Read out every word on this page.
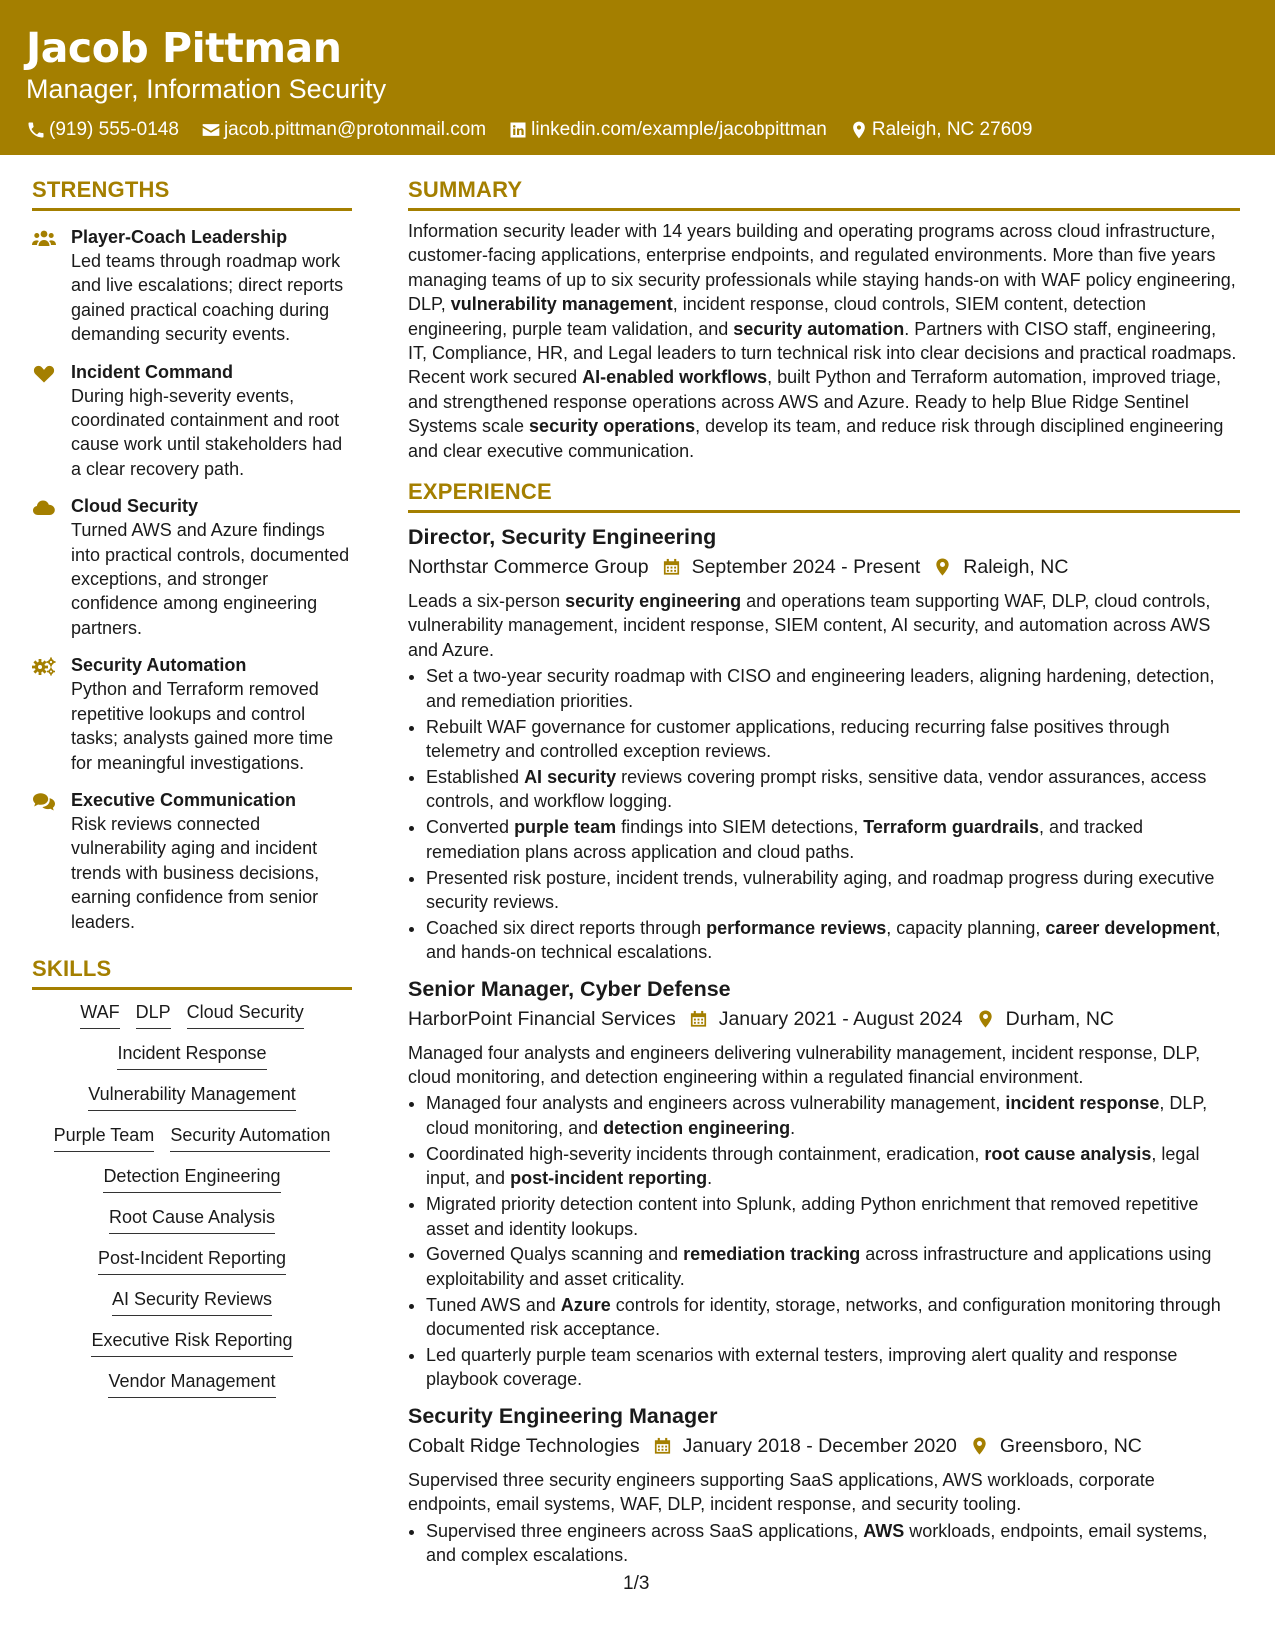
Jacob Pittman
Manager, Information Security
(919) 555-0148 jacob.pittman@protonmail.com linkedin.com/example/jacobpittman Raleigh, NC 27609
STRENGTHS
Player-Coach Leadership
Led teams through roadmap work and live escalations; direct reports gained practical coaching during demanding security events.
Incident Command
During high-severity events, coordinated containment and root cause work until stakeholders had a clear recovery path.
Cloud Security
Turned AWS and Azure findings into practical controls, documented exceptions, and stronger confidence among engineering partners.
Security Automation
Python and Terraform removed repetitive lookups and control tasks; analysts gained more time for meaningful investigations.
Executive Communication
Risk reviews connected vulnerability aging and incident trends with business decisions, earning confidence from senior leaders.
SKILLS
WAF DLP Cloud Security
Incident Response
Vulnerability Management
Purple Team Security Automation
Detection Engineering
Root Cause Analysis
Post-Incident Reporting
AI Security Reviews
Executive Risk Reporting
Vendor Management
SUMMARY
Information security leader with 14 years building and operating programs across cloud infrastructure, customer-facing applications, enterprise endpoints, and regulated environments. More than five years managing teams of up to six security professionals while staying hands-on with WAF policy engineering, DLP, vulnerability management, incident response, cloud controls, SIEM content, detection engineering, purple team validation, and security automation. Partners with CISO staff, engineering, IT, Compliance, HR, and Legal leaders to turn technical risk into clear decisions and practical roadmaps. Recent work secured AI-enabled workflows, built Python and Terraform automation, improved triage, and strengthened response operations across AWS and Azure. Ready to help Blue Ridge Sentinel Systems scale security operations, develop its team, and reduce risk through disciplined engineering and clear executive communication.
EXPERIENCE
Director, Security Engineering
Northstar Commerce Group September 2024 - Present Raleigh, NC
Leads a six-person security engineering and operations team supporting WAF, DLP, cloud controls, vulnerability management, incident response, SIEM content, AI security, and automation across AWS and Azure.
• Set a two-year security roadmap with CISO and engineering leaders, aligning hardening, detection, and remediation priorities.
• Rebuilt WAF governance for customer applications, reducing recurring false positives through telemetry and controlled exception reviews.
• Established AI security reviews covering prompt risks, sensitive data, vendor assurances, access controls, and workflow logging.
• Converted purple team findings into SIEM detections, Terraform guardrails, and tracked remediation plans across application and cloud paths.
• Presented risk posture, incident trends, vulnerability aging, and roadmap progress during executive security reviews.
• Coached six direct reports through performance reviews, capacity planning, career development, and hands-on technical escalations.
Senior Manager, Cyber Defense
HarborPoint Financial Services January 2021 - August 2024 Durham, NC
Managed four analysts and engineers delivering vulnerability management, incident response, DLP, cloud monitoring, and detection engineering within a regulated financial environment.
• Managed four analysts and engineers across vulnerability management, incident response, DLP, cloud monitoring, and detection engineering.
• Coordinated high-severity incidents through containment, eradication, root cause analysis, legal input, and post-incident reporting.
• Migrated priority detection content into Splunk, adding Python enrichment that removed repetitive asset and identity lookups.
• Governed Qualys scanning and remediation tracking across infrastructure and applications using exploitability and asset criticality.
• Tuned AWS and Azure controls for identity, storage, networks, and configuration monitoring through documented risk acceptance.
• Led quarterly purple team scenarios with external testers, improving alert quality and response playbook coverage.
Security Engineering Manager
Cobalt Ridge Technologies January 2018 - December 2020 Greensboro, NC
Supervised three security engineers supporting SaaS applications, AWS workloads, corporate endpoints, email systems, WAF, DLP, incident response, and security tooling.
• Supervised three engineers across SaaS applications, AWS workloads, endpoints, email systems, and complex escalations.
1/3
